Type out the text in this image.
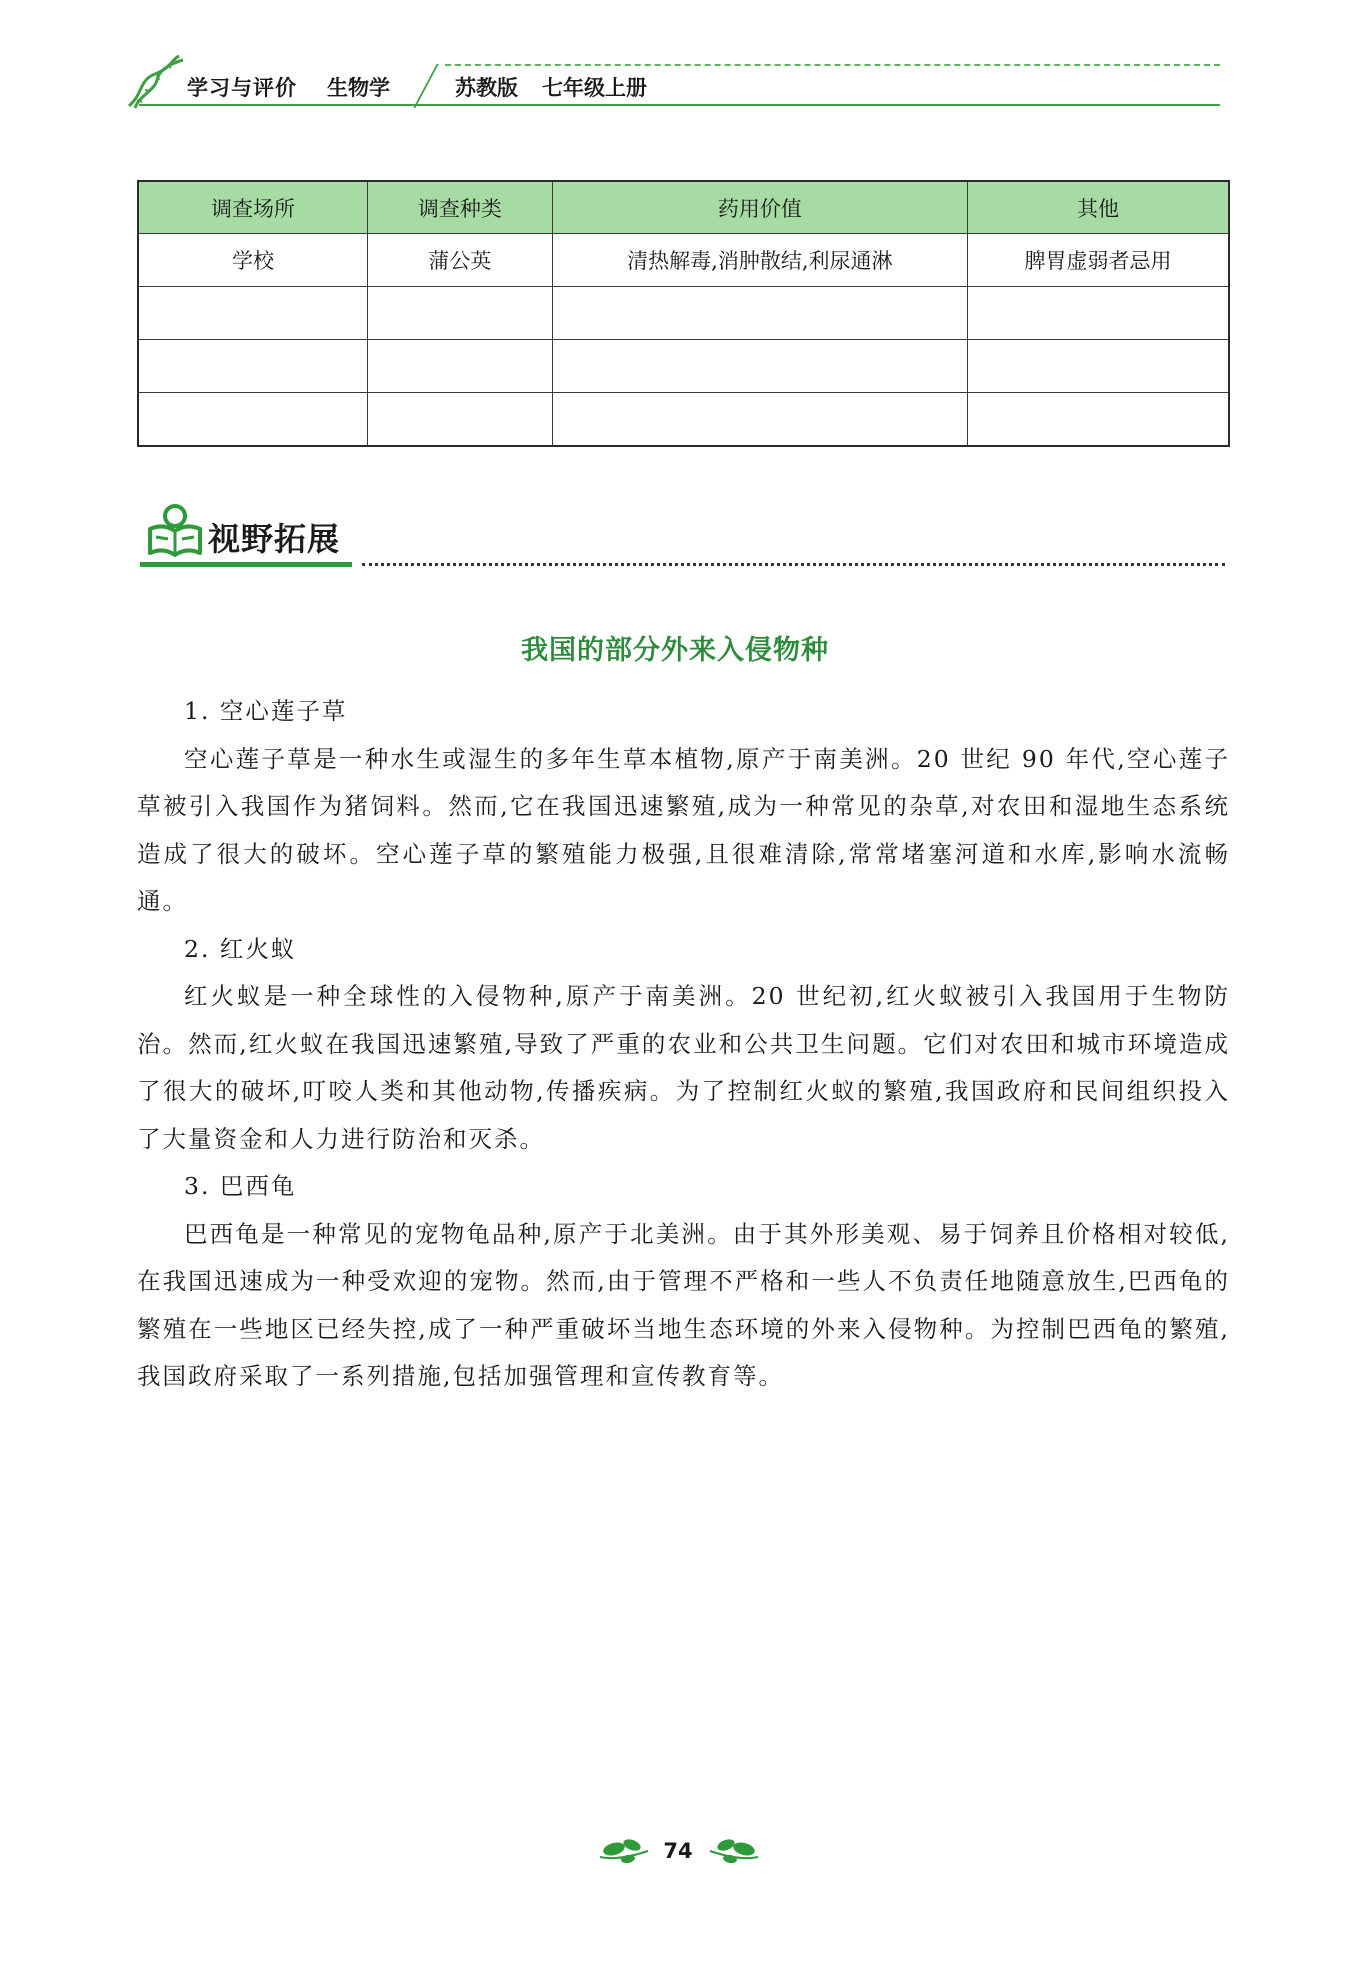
学习与评价 生物学	苏教版 七年级上册
调查场所	调查种类	药用价值	其他
学校	蒲公英	清热解毒,消肿散结,利尿通淋	脾胃虚弱者忌用

视野拓展
我国的部分外来入侵物种

1. 空心莲子草

空心莲子草是一种水生或湿生的多年生草本植物,原产于南美洲。20 世纪 90 年代,空心莲子草被引入我国作为猪饲料。然而,它在我国迅速繁殖,成为一种常见的杂草,对农田和湿地生态系统造成了很大的破坏。空心莲子草的繁殖能力极强,且很难清除,常常堵塞河道和水库,影响水流畅通。

2. 红火蚁

红火蚁是一种全球性的入侵物种,原产于南美洲。20 世纪初,红火蚁被引入我国用于生物防治。然而,红火蚁在我国迅速繁殖,导致了严重的农业和公共卫生问题。它们对农田和城市环境造成了很大的破坏,叮咬人类和其他动物,传播疾病。为了控制红火蚁的繁殖,我国政府和民间组织投入了大量资金和人力进行防治和灭杀。

3. 巴西龟

巴西龟是一种常见的宠物龟品种,原产于北美洲。由于其外形美观、易于饲养且价格相对较低,在我国迅速成为一种受欢迎的宠物。然而,由于管理不严格和一些人不负责任地随意放生,巴西龟的繁殖在一些地区已经失控,成了一种严重破坏当地生态环境的外来入侵物种。为控制巴西龟的繁殖,我国政府采取了一系列措施,包括加强管理和宣传教育等。

74
